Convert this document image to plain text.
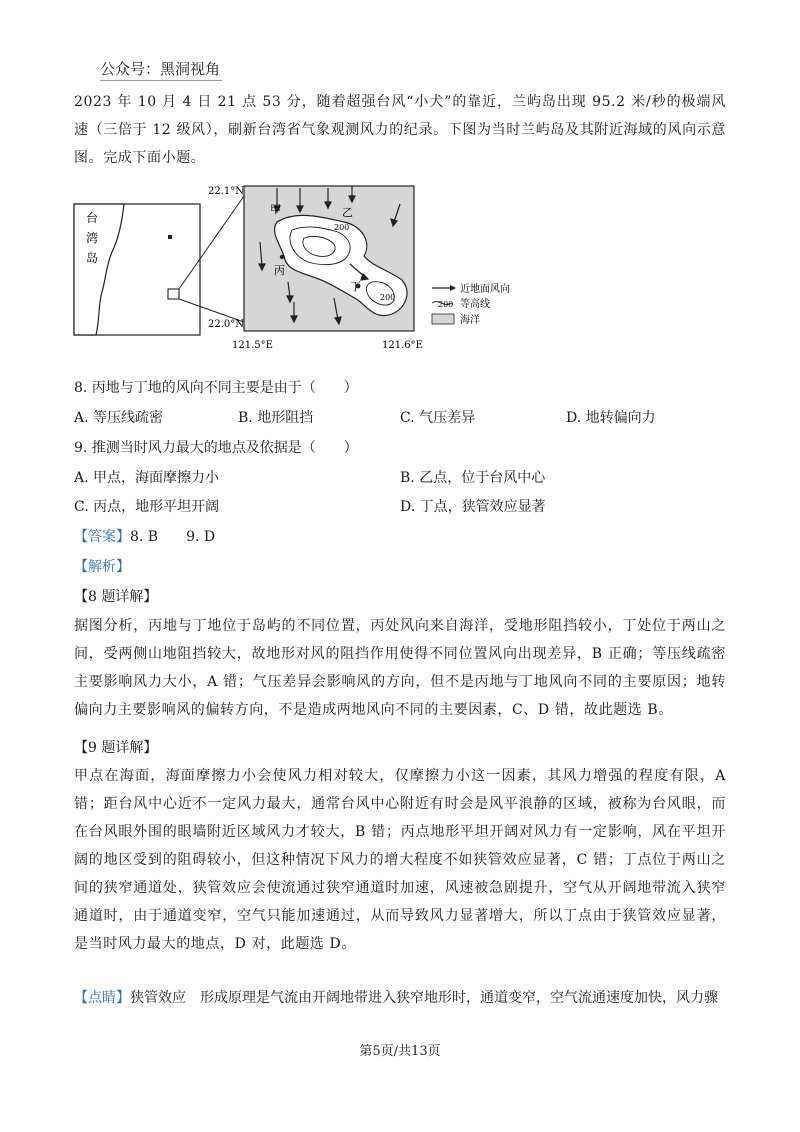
公众号：黑洞视角
2023 年 10 月 4 日 21 点 53 分，随着超强台风“小犬”的靠近，兰屿岛出现 95.2 米/秒的极端风速（三倍于 12 级风），刷新台湾省气象观测风力的纪录。下图为当时兰屿岛及其附近海域的风向示意图。完成下面小题。
台
湾
岛
甲	乙
丙
丁
200
200
22.1°N
22.0°N
121.5°E	121.6°E
近地面风向
200 等高线
海洋
8. 丙地与丁地的风向不同主要是由于（　　）
A. 等压线疏密	B. 地形阻挡	C. 气压差异	D. 地转偏向力
9. 推测当时风力最大的地点及依据是（　　）
A. 甲点，海面摩擦力小	B. 乙点，位于台风中心
C. 丙点，地形平坦开阔	D. 丁点，狭管效应显著
【答案】8. B　　9. D
【解析】
【8 题详解】
据图分析，丙地与丁地位于岛屿的不同位置，丙处风向来自海洋，受地形阻挡较小，丁处位于两山之间，受两侧山地阻挡较大，故地形对风的阻挡作用使得不同位置风向出现差异，B 正确；等压线疏密主要影响风力大小，A 错；气压差异会影响风的方向，但不是丙地与丁地风向不同的主要原因；地转偏向力主要影响风的偏转方向，不是造成两地风向不同的主要因素，C、D 错，故此题选 B。
【9 题详解】
甲点在海面，海面摩擦力小会使风力相对较大，仅摩擦力小这一因素，其风力增强的程度有限，A 错；距台风中心近不一定风力最大，通常台风中心附近有时会是风平浪静的区域，被称为台风眼，而在台风眼外围的眼墙附近区域风力才较大，B 错；丙点地形平坦开阔对风力有一定影响，风在平坦开阔的地区受到的阻碍较小，但这种情况下风力的增大程度不如狭管效应显著，C 错；丁点位于两山之间的狭窄通道处，狭管效应会使流通过狭窄通道时加速，风速被急剧提升，空气从开阔地带流入狭窄通道时，由于通道变窄，空气只能加速通过，从而导致风力显著增大，所以丁点由于狭管效应显著，是当时风力最大的地点，D 对，此题选 D。
【点睛】狭管效应　形成原理是气流由开阔地带进入狭窄地形时，通道变窄，空气流通速度加快，风力骤
第5页/共13页
